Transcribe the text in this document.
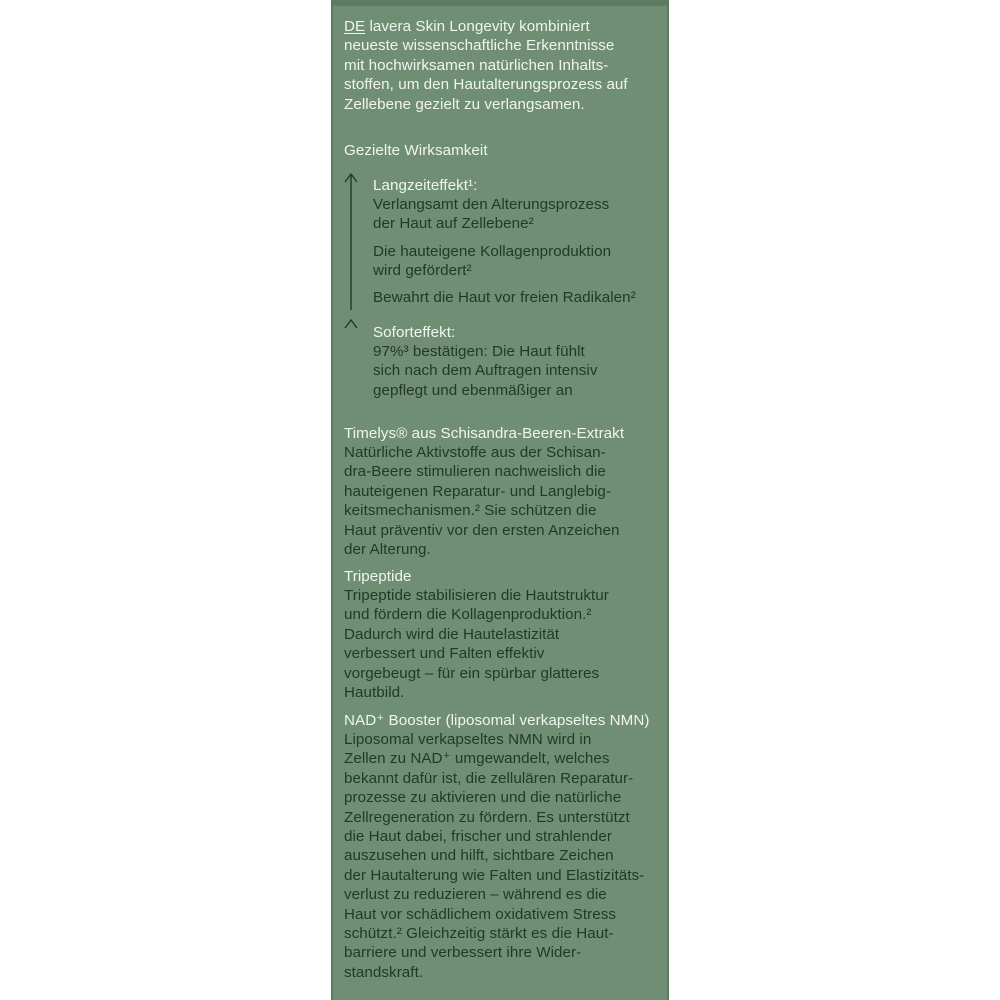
DE lavera Skin Longevity kombiniert
neueste wissenschaftliche Erkenntnisse
mit hochwirksamen natürlichen Inhalts-
stoffen, um den Hautalterungsprozess auf
Zellebene gezielt zu verlangsamen.
Gezielte Wirksamkeit
Langzeiteffekt¹:
Verlangsamt den Alterungsprozess
der Haut auf Zellebene²
Die hauteigene Kollagenproduktion
wird gefördert²
Bewahrt die Haut vor freien Radikalen²
Soforteffekt:
97%³ bestätigen: Die Haut fühlt
sich nach dem Auftragen intensiv
gepflegt und ebenmäßiger an
Timelys® aus Schisandra-Beeren-Extrakt
Natürliche Aktivstoffe aus der Schisan-
dra-Beere stimulieren nachweislich die
hauteigenen Reparatur- und Langlebig-
keitsmechanismen.² Sie schützen die
Haut präventiv vor den ersten Anzeichen
der Alterung.
Tripeptide
Tripeptide stabilisieren die Hautstruktur
und fördern die Kollagenproduktion.²
Dadurch wird die Hautelastizität
verbessert und Falten effektiv
vorgebeugt – für ein spürbar glatteres
Hautbild.
NAD⁺ Booster (liposomal verkapseltes NMN)
Liposomal verkapseltes NMN wird in
Zellen zu NAD⁺ umgewandelt, welches
bekannt dafür ist, die zellulären Reparatur-
prozesse zu aktivieren und die natürliche
Zellregeneration zu fördern. Es unterstützt
die Haut dabei, frischer und strahlender
auszusehen und hilft, sichtbare Zeichen
der Hautalterung wie Falten und Elastizitäts-
verlust zu reduzieren – während es die
Haut vor schädlichem oxidativem Stress
schützt.² Gleichzeitig stärkt es die Haut-
barriere und verbessert ihre Wider-
standskraft.
